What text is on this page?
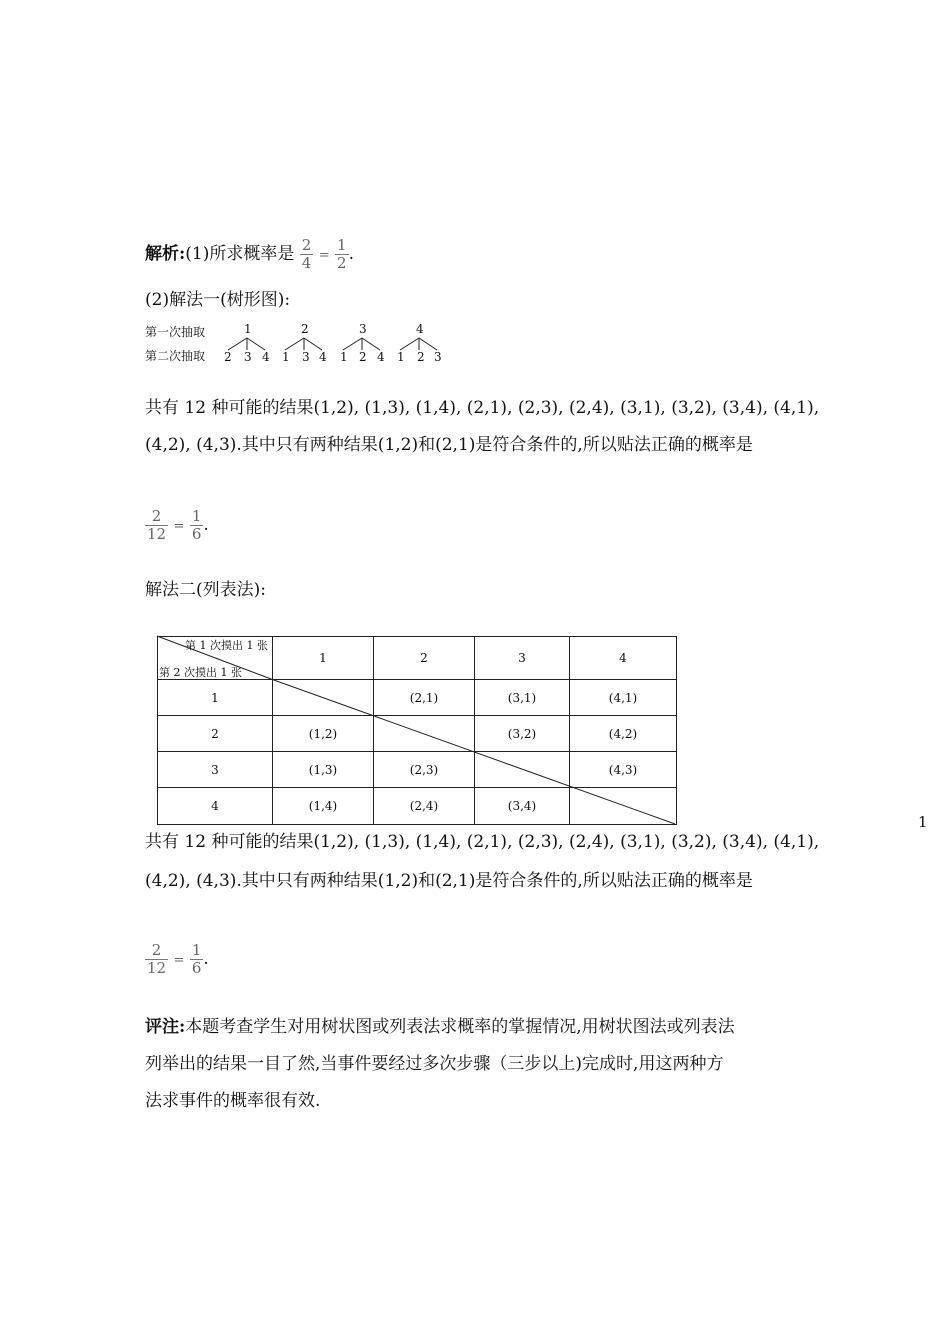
解析:(1)所求概率是 $\frac{2}{4} = \frac{1}{2}$ .
(2)解法一(树形图):
第一次抽取
第二次抽取
1	2	3	4
2 3 4 1 3 4 1 2 4 1 2 3
共有 12 种可能的结果(1,2), (1,3), (1,4), (2,1), (2,3), (2,4), (3,1), (3,2), (3,4), (4,1),
(4,2), (4,3).其中只有两种结果(1,2)和(2,1)是符合条件的,所以贴法正确的概率是
$\frac{2}{12} = \frac{1}{6}$ .
解法二(列表法):
第 1 次摸出 1 张
第 2 次摸出 1 张	1	2	3	4
1		(2,1)	(3,1)	(4,1)
2	(1,2)		(3,2)	(4,2)
3	(1,3)	(2,3)		(4,3)
4	(1,4)	(2,4)	(3,4)	
共有 12 种可能的结果(1,2), (1,3), (1,4), (2,1), (2,3), (2,4), (3,1), (3,2), (3,4), (4,1),
(4,2), (4,3).其中只有两种结果(1,2)和(2,1)是符合条件的,所以贴法正确的概率是
$\frac{2}{12} = \frac{1}{6}$ .
评注:本题考查学生对用树状图或列表法求概率的掌握情况,用树状图法或列表法
列举出的结果一目了然,当事件要经过多次步骤（三步以上)完成时,用这两种方
法求事件的概率很有效.
1
